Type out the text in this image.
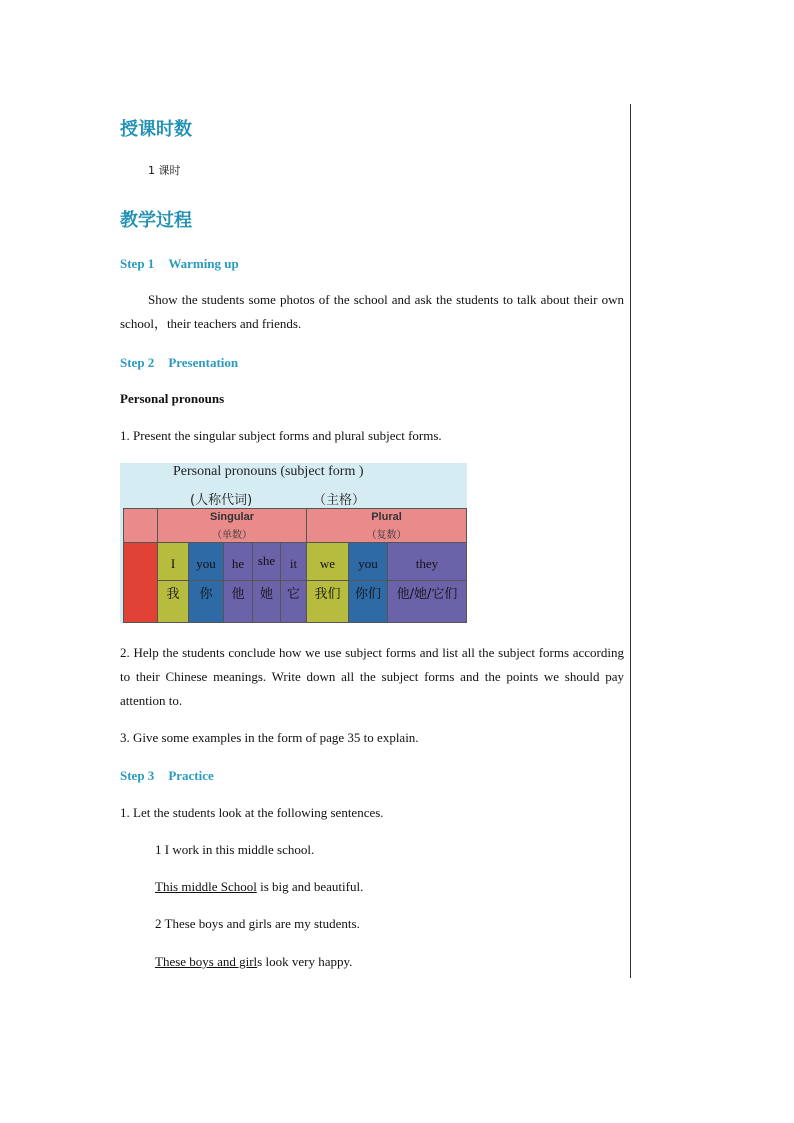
授课时数
1 课时
教学过程
Step 1 Warming up
Show the students some photos of the school and ask the students to talk about their own school，their teachers and friends.
Step 2 Presentation
Personal pronouns
1. Present the singular subject forms and plural subject forms.
Personal pronouns (subject form )
(人称代词)	（主格）
Singular
（单数）
Plural
（复数）
I
我
you
你
he
他
she
她
it
它
we
我们
you
你们
they
他/她/它们
2. Help the students conclude how we use subject forms and list all the subject forms according to their Chinese meanings. Write down all the subject forms and the points we should pay attention to.
3. Give some examples in the form of page 35 to explain.
Step 3 Practice
1. Let the students look at the following sentences.
1 I work in this middle school.
This middle School is big and beautiful.
2 These boys and girls are my students.
These boys and girls look very happy.
